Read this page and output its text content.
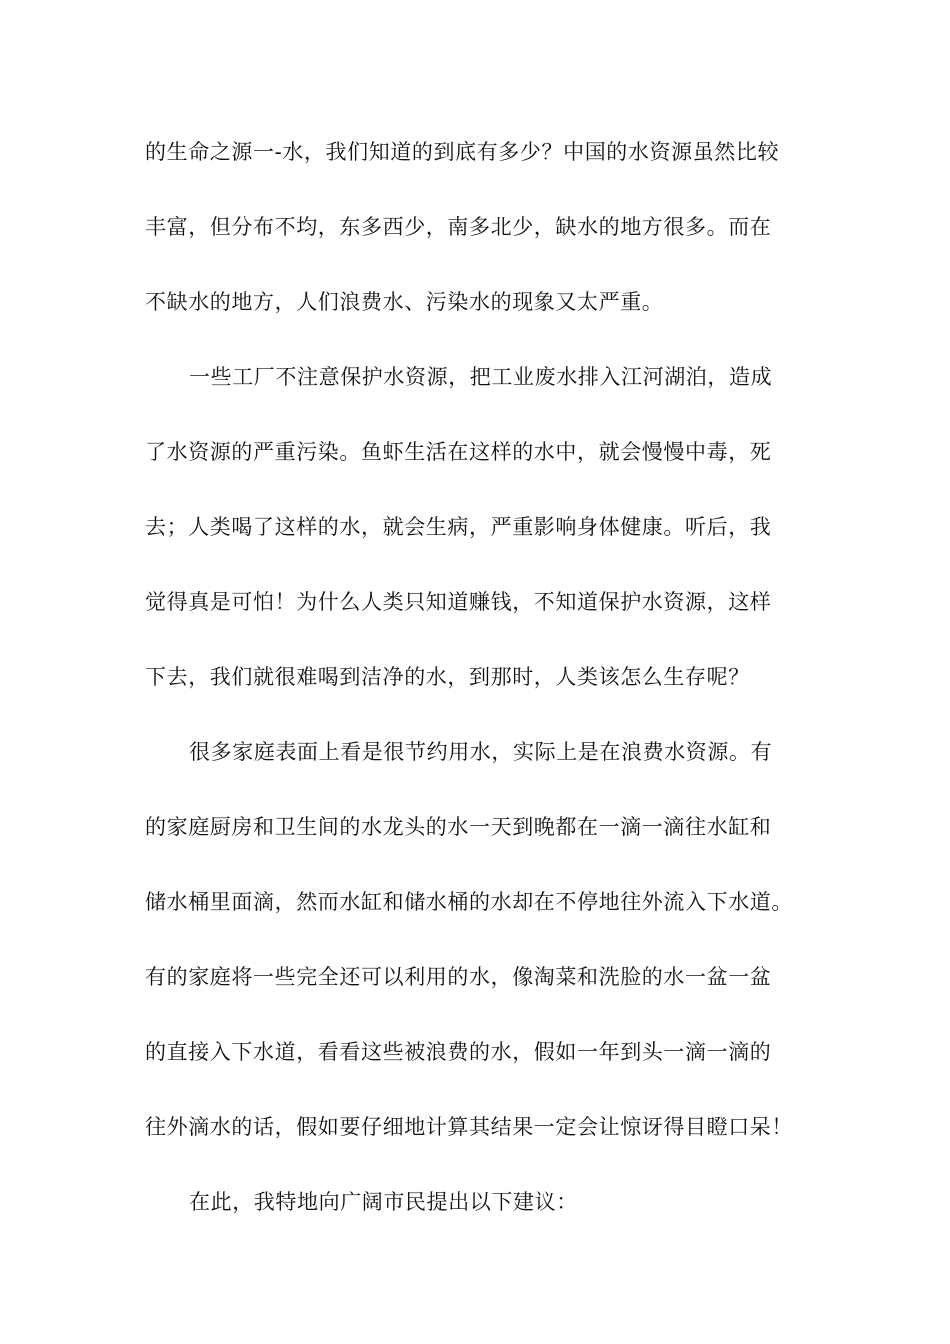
的生命之源一-水，我们知道的到底有多少？中国的水资源虽然比较

丰富，但分布不均，东多西少，南多北少，缺水的地方很多。而在

不缺水的地方，人们浪费水、污染水的现象又太严重。

一些工厂不注意保护水资源，把工业废水排入江河湖泊，造成

了水资源的严重污染。鱼虾生活在这样的水中，就会慢慢中毒，死

去；人类喝了这样的水，就会生病，严重影响身体健康。听后，我

觉得真是可怕！为什么人类只知道赚钱，不知道保护水资源，这样

下去，我们就很难喝到洁净的水，到那时，人类该怎么生存呢？

很多家庭表面上看是很节约用水，实际上是在浪费水资源。有

的家庭厨房和卫生间的水龙头的水一天到晚都在一滴一滴往水缸和

储水桶里面滴，然而水缸和储水桶的水却在不停地往外流入下水道。

有的家庭将一些完全还可以利用的水，像淘菜和洗脸的水一盆一盆

的直接入下水道，看看这些被浪费的水，假如一年到头一滴一滴的

往外滴水的话，假如要仔细地计算其结果一定会让惊讶得目瞪口呆！

在此，我特地向广阔市民提出以下建议：
